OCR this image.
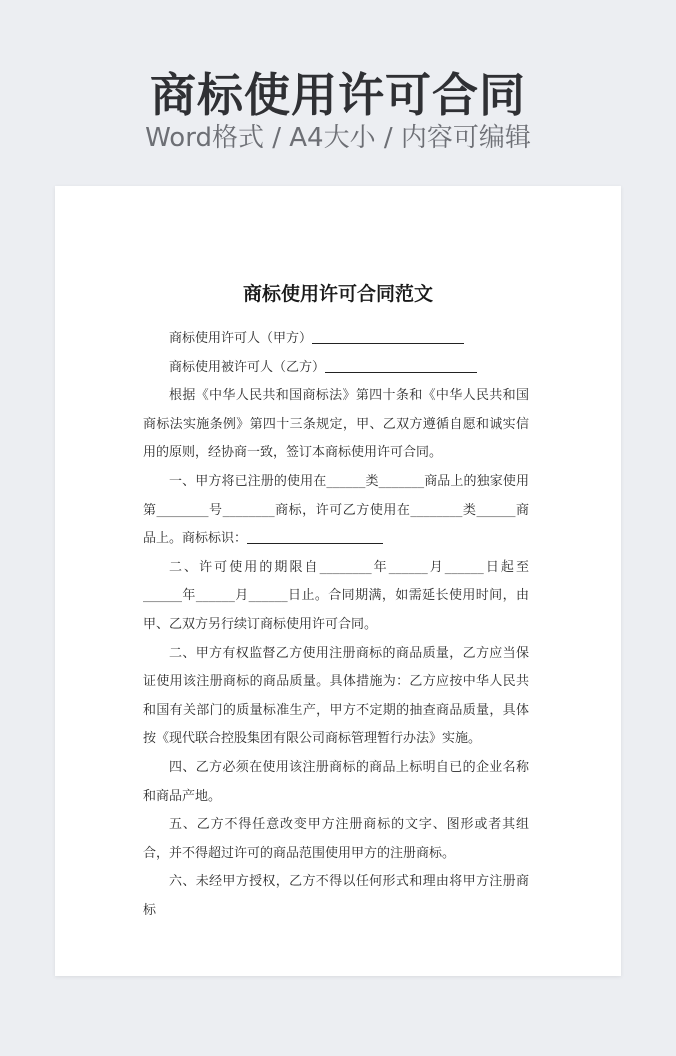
商标使用许可合同
Word格式 / A4大小 / 内容可编辑
商标使用许可合同范文
商标使用许可人（甲方）
商标使用被许可人（乙方）

根据《中华人民共和国商标法》第四十条和《中华人民共和国商标法实施条例》第四十三条规定，甲、乙双方遵循自愿和诚实信用的原则，经协商一致，签订本商标使用许可合同。

一、甲方将已注册的使用在______类_______商品上的独家使用第________号________商标，许可乙方使用在________类______商品上。商标标识：

二、许可使用的期限自________年______月______日起至______年______月______日止。合同期满，如需延长使用时间，由甲、乙双方另行续订商标使用许可合同。

二、甲方有权监督乙方使用注册商标的商品质量，乙方应当保证使用该注册商标的商品质量。具体措施为：乙方应按中华人民共和国有关部门的质量标准生产，甲方不定期的抽查商品质量，具体按《现代联合控股集团有限公司商标管理暂行办法》实施。

四、乙方必须在使用该注册商标的商品上标明自已的企业名称和商品产地。

五、乙方不得任意改变甲方注册商标的文字、图形或者其组合，并不得超过许可的商品范围使用甲方的注册商标。

六、未经甲方授权，乙方不得以任何形式和理由将甲方注册商标
